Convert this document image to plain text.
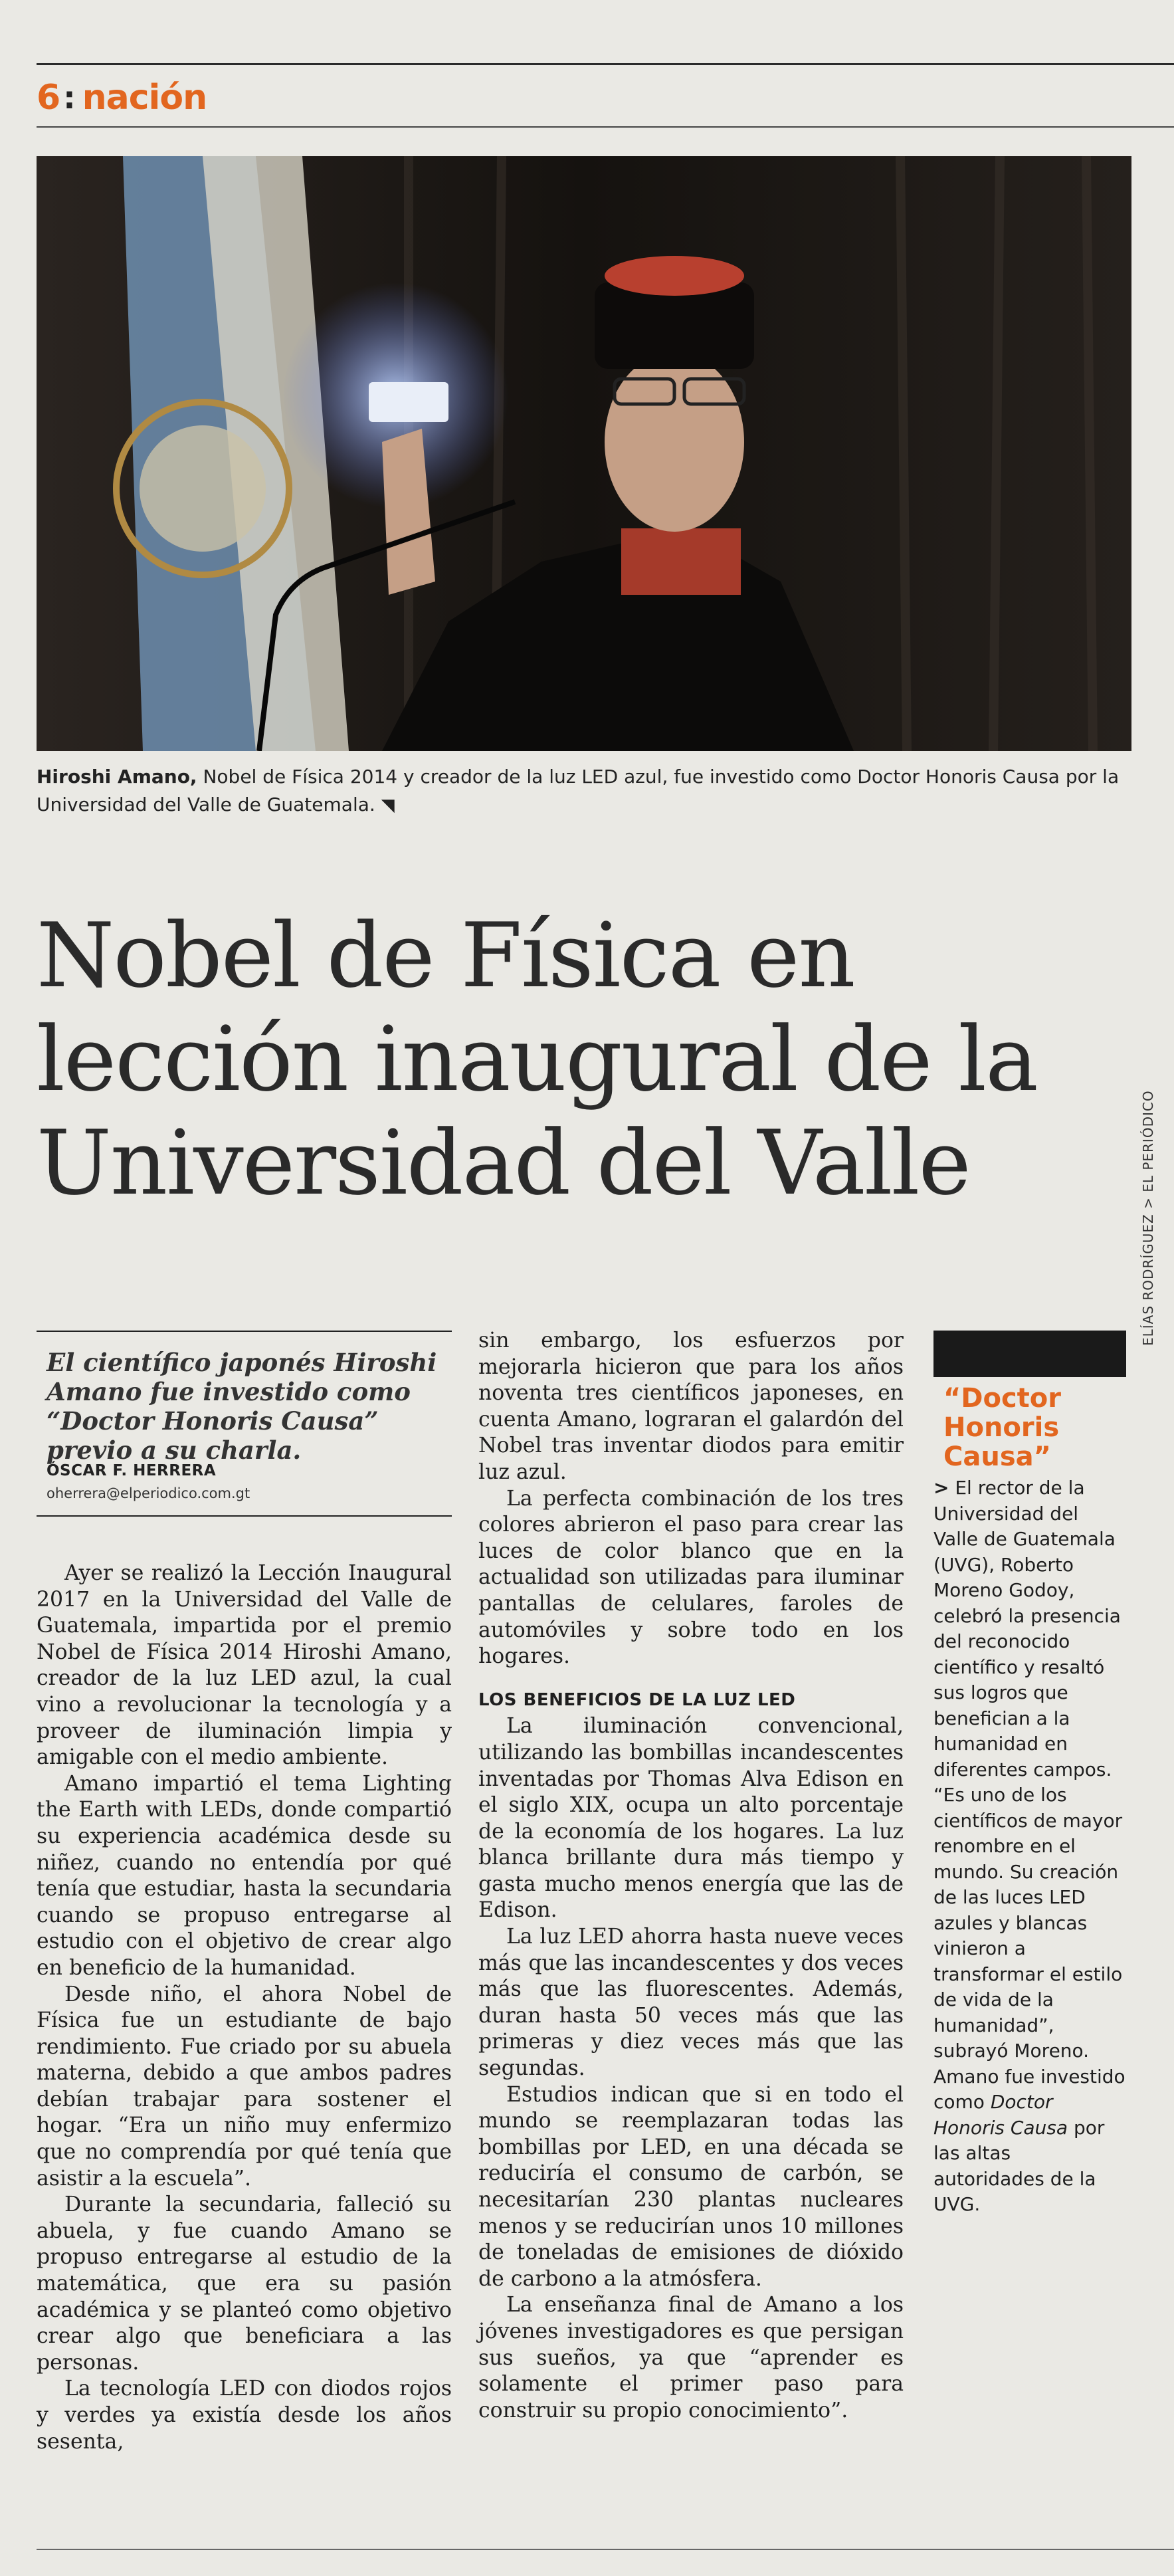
6 : nación
ELÍAS RODRÍGUEZ > EL PERIÓDICO
Hiroshi Amano, Nobel de Física 2014 y creador de la luz LED azul, fue investido como Doctor Honoris Causa por la Universidad del Valle de Guatemala. ◥
Nobel de Física en lección inaugural de la Universidad del Valle
El científico japonés Hiroshi Amano fue investido como “Doctor Honoris Causa” previo a su charla.
ÓSCAR F. HERRERA
oherrera@elperiodico.com.gt

Ayer se realizó la Lección Inaugural 2017 en la Universidad del Valle de Guatemala, impartida por el premio Nobel de Física 2014 Hiroshi Amano, creador de la luz LED azul, la cual vino a revolucionar la tecnología y a proveer de iluminación limpia y amigable con el medio ambiente.

Amano impartió el tema Lighting the Earth with LEDs, donde compartió su experiencia académica desde su niñez, cuando no entendía por qué tenía que estudiar, hasta la secundaria cuando se propuso entregarse al estudio con el objetivo de crear algo en beneficio de la humanidad.

Desde niño, el ahora Nobel de Física fue un estudiante de bajo rendimiento. Fue criado por su abuela materna, debido a que ambos padres debían trabajar para sostener el hogar. “Era un niño muy enfermizo que no comprendía por qué tenía que asistir a la escuela”.

Durante la secundaria, falleció su abuela, y fue cuando Amano se propuso entregarse al estudio de la matemática, que era su pasión académica y se planteó como objetivo crear algo que beneficiara a las personas.

La tecnología LED con diodos rojos y verdes ya existía desde los años sesenta,

sin embargo, los esfuerzos por mejorarla hicieron que para los años noventa tres científicos japoneses, en cuenta Amano, lograran el galardón del Nobel tras inventar diodos para emitir luz azul.

La perfecta combinación de los tres colores abrieron el paso para crear las luces de color blanco que en la actualidad son utilizadas para iluminar pantallas de celulares, faroles de automóviles y sobre todo en los hogares.

LOS BENEFICIOS DE LA LUZ LED

La iluminación convencional, utilizando las bombillas incandescentes inventadas por Thomas Alva Edison en el siglo XIX, ocupa un alto porcentaje de la economía de los hogares. La luz blanca brillante dura más tiempo y gasta mucho menos energía que las de Edison.

La luz LED ahorra hasta nueve veces más que las incandescentes y dos veces más que las fluorescentes. Además, duran hasta 50 veces más que las primeras y diez veces más que las segundas.

Estudios indican que si en todo el mundo se reemplazaran todas las bombillas por LED, en una década se reduciría el consumo de carbón, se necesitarían 230 plantas nucleares menos y se reducirían unos 10 millones de toneladas de emisiones de dióxido de carbono a la atmósfera.

La enseñanza final de Amano a los jóvenes investigadores es que persigan sus sueños, ya que “aprender es solamente el primer paso para construir su propio conocimiento”.

“Doctor Honoris Causa”

> El rector de la Universidad del Valle de Guatemala (UVG), Roberto Moreno Godoy, celebró la presencia del reconocido científico y resaltó sus logros que benefician a la humanidad en diferentes campos.

“Es uno de los científicos de mayor renombre en el mundo. Su creación de las luces LED azules y blancas vinieron a transformar el estilo de vida de la humanidad”, subrayó Moreno.

Amano fue investido como Doctor Honoris Causa por las altas autoridades de la UVG.
